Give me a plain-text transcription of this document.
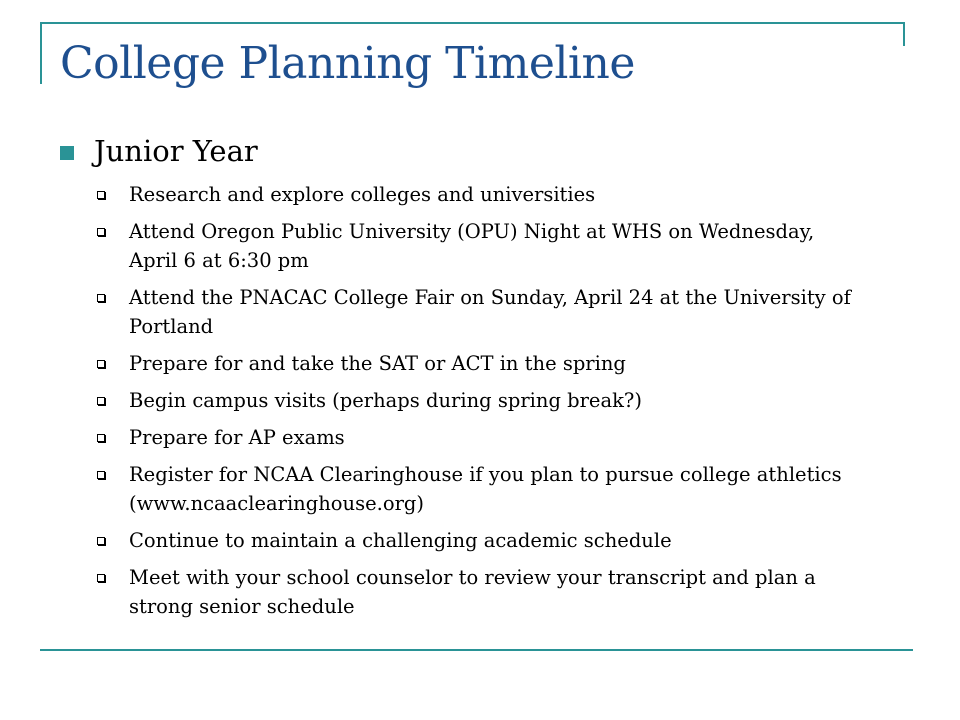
College Planning Timeline
Junior Year
Research and explore colleges and universities
Attend Oregon Public University (OPU) Night at WHS on Wednesday, April 6 at 6:30 pm
Attend the PNACAC College Fair on Sunday, April 24 at the University of Portland
Prepare for and take the SAT or ACT in the spring
Begin campus visits (perhaps during spring break?)
Prepare for AP exams
Register for NCAA Clearinghouse if you plan to pursue college athletics (www.ncaaclearinghouse.org)
Continue to maintain a challenging academic schedule
Meet with your school counselor to review your transcript and plan a strong senior schedule
